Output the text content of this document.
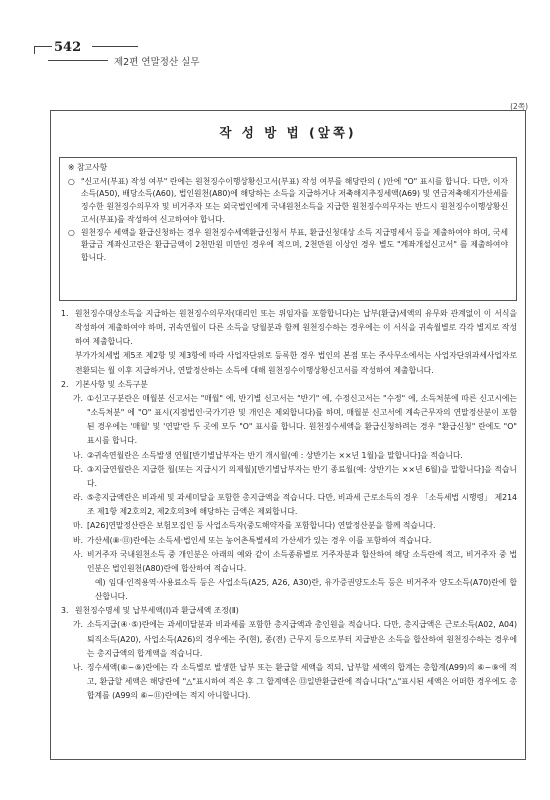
542
제2편 연말정산 실무
(2쪽)
작 성 방 법 (앞쪽)

※ 참고사항

○ "신고서(부표) 작성 여부" 란에는 원천징수이행상황신고서(부표) 작성 여부를 해당란의 ( )안에 "O" 표시를 합니다. 다만, 이자소득(A50), 배당소득(A60), 법인원천(A80)에 해당하는 소득을 지급하거나 저축해지추징세액(A69) 및 연금저축해지가산세를 징수한 원천징수의무자 및 비거주자 또는 외국법인에게 국내원천소득을 지급한 원천징수의무자는 반드시 원천징수이행상황신고서(부표)를 작성하여 신고하여야 합니다.

○ 원천징수 세액을 환급신청하는 경우 원천징수세액환급신청서 부표, 환급신청대상 소득 지급명세서 등을 제출하여야 하며, 국세환급금 계좌신고란은 환급금액이 2천만원 미만인 경우에 적으며, 2천만원 이상인 경우 별도 "계좌개설신고서" 를 제출하여야 합니다.

1. 원천징수대상소득을 지급하는 원천징수의무자(대리인 또는 위임자를 포함합니다)는 납부(환급)세액의 유무와 관계없이 이 서식을 작성하여 제출하여야 하며, 귀속연월이 다른 소득을 당월분과 함께 원천징수하는 경우에는 이 서식을 귀속월별로 각각 별지로 작성하여 제출합니다.

부가가치세법 제5조 제2항 및 제3항에 따라 사업자단위로 등록한 경우 법인의 본점 또는 주사무소에서는 사업자단위과세사업자로 전환되는 월 이후 지급하거나, 연말정산하는 소득에 대해 원천징수이행상황신고서를 작성하여 제출합니다.

2. 기본사항 및 소득구분

가. ①신고구분란은 매월분 신고서는 "매월" 에, 반기별 신고서는 "반기" 에, 수정신고서는 "수정" 에, 소득처분에 따른 신고시에는 "소득처분" 에 "O" 표시(지점법인·국가기관 및 개인은 제외합니다)를 하며, 매월분 신고서에 계속근무자의 연말정산분이 포함된 경우에는 '매월' 및 '연말'란 두 곳에 모두 "O" 표시를 합니다. 원천징수세액을 환급신청하려는 경우 "환급신청" 란에도 "O" 표시를 합니다.

나. ②귀속연월란은 소득발생 연월[반기별납부자는 반기 개시월(예 : 상반기는 ××년 1월)을 말합니다]을 적습니다.

다. ③지급연월란은 지급한 월(또는 지급시기 의제월)[반기별납부자는 반기 종료월(예: 상반기는 ××년 6월)을 말합니다]을 적습니다.

라. ⑤총지급액란은 비과세 및 과세미달을 포함한 총지급액을 적습니다. 다만, 비과세 근로소득의 경우 「소득세법 시행령」 제214조 제1항 제2호의2, 제2호의3에 해당하는 금액은 제외합니다.

마. [A26]연말정산란은 보험모집인 등 사업소득자(중도해약자를 포함합니다) 연말정산분을 함께 적습니다.

바. 가산세(⑧·⑪)란에는 소득세·법인세 또는 농어촌특별세의 가산세가 있는 경우 이를 포함하여 적습니다.

사. 비거주자 국내원천소득 중 개인분은 아래의 예와 같이 소득종류별로 거주자분과 합산하여 해당 소득란에 적고, 비거주자 중 법인분은 법인원천(A80)란에 합산하여 적습니다.

예) 임대·인적용역·사용료소득 등은 사업소득(A25, A26, A30)란, 유가증권양도소득 등은 비거주자 양도소득(A70)란에 합산합니다.

3. 원천징수명세 및 납부세액(Ⅰ)과 환급세액 조정(Ⅱ)

가. 소득지급(④·⑤)란에는 과세미달분과 비과세를 포함한 총지급액과 총인원을 적습니다. 다만, 총지급액은 근로소득(A02, A04) 퇴직소득(A20), 사업소득(A26)의 경우에는 주(현), 종(전) 근무지 등으로부터 지급받은 소득을 합산하여 원천징수하는 경우에는 총지급액의 합계액을 적습니다.

나. 징수세액(⑥~⑨)란에는 각 소득별로 발생한 납부 또는 환급할 세액을 적되, 납부할 세액의 합계는 총합계(A99)의 ⑥~⑨에 적고, 환급할 세액은 해당란에 "△"표시하여 적은 후 그 합계액은 ⑬일반환급란에 적습니다("△"표시된 세액은 어떠한 경우에도 총합계를 (A99의 ⑥~⑪)란에는 적지 아니합니다).
